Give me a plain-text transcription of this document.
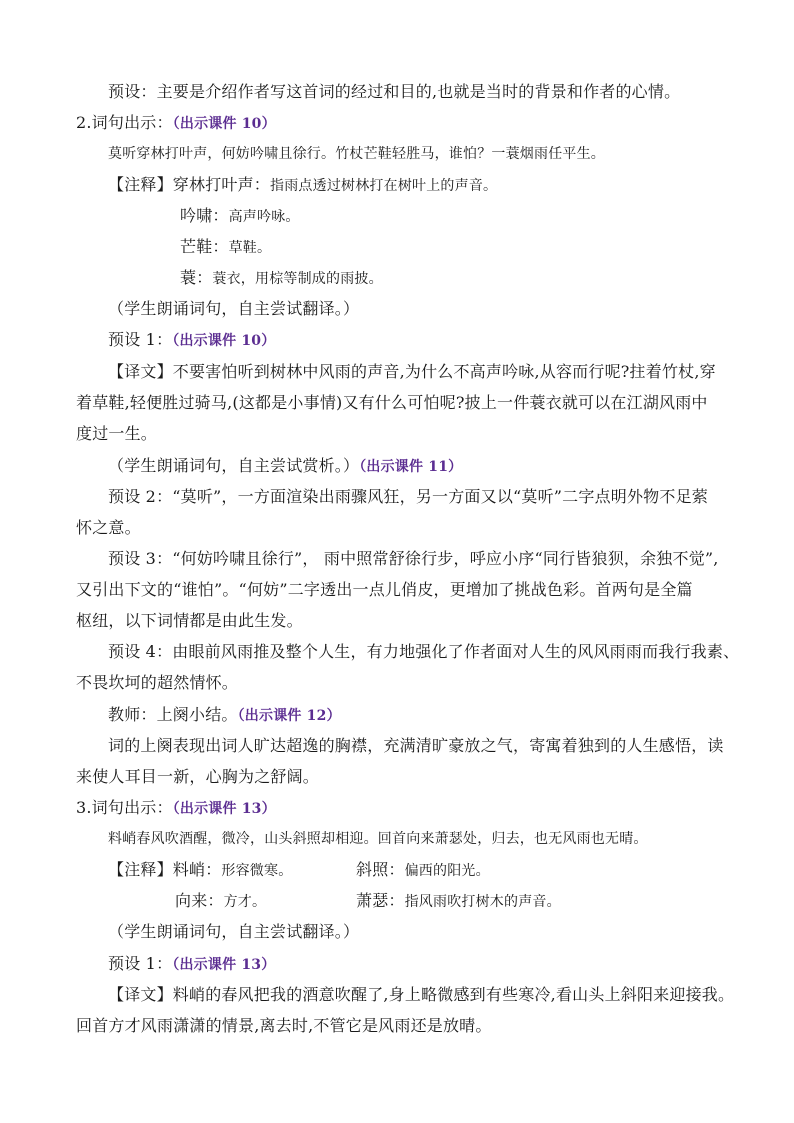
预设：主要是介绍作者写这首词的经过和目的,也就是当时的背景和作者的心情。
2.词句出示：（出示课件 10）
莫听穿林打叶声，何妨吟啸且徐行。竹杖芒鞋轻胜马，谁怕？一蓑烟雨任平生。
【注释】穿林打叶声：指雨点透过树林打在树叶上的声音。
吟啸：高声吟咏。
芒鞋：草鞋。
蓑：蓑衣，用棕等制成的雨披。
（学生朗诵词句，自主尝试翻译。）
预设 1：（出示课件 10）
【译文】不要害怕听到树林中风雨的声音,为什么不高声吟咏,从容而行呢?拄着竹杖,穿
着草鞋,轻便胜过骑马,(这都是小事情)又有什么可怕呢?披上一件蓑衣就可以在江湖风雨中
度过一生。
（学生朗诵词句，自主尝试赏析。）（出示课件 11）
预设 2：“莫听”，一方面渲染出雨骤风狂，另一方面又以“莫听”二字点明外物不足萦
怀之意。
预设 3：“何妨吟啸且徐行”， 雨中照常舒徐行步，呼应小序“同行皆狼狈，余独不觉”,
又引出下文的“谁怕”。“何妨”二字透出一点儿俏皮，更增加了挑战色彩。首两句是全篇
枢纽，以下词情都是由此生发。
预设 4：由眼前风雨推及整个人生，有力地强化了作者面对人生的风风雨雨而我行我素、
不畏坎坷的超然情怀。
教师：上阕小结。（出示课件 12）
词的上阕表现出词人旷达超逸的胸襟，充满清旷豪放之气，寄寓着独到的人生感悟，读
来使人耳目一新，心胸为之舒阔。
3.词句出示：（出示课件 13）
料峭春风吹酒醒，微冷，山头斜照却相迎。回首向来萧瑟处，归去，也无风雨也无晴。
【注释】料峭：形容微寒。	斜照：偏西的阳光。
向来：方才。	萧瑟：指风雨吹打树木的声音。
（学生朗诵词句，自主尝试翻译。）
预设 1：（出示课件 13）
【译文】料峭的春风把我的酒意吹醒了,身上略微感到有些寒冷,看山头上斜阳来迎接我。
回首方才风雨潇潇的情景,离去时,不管它是风雨还是放晴。
